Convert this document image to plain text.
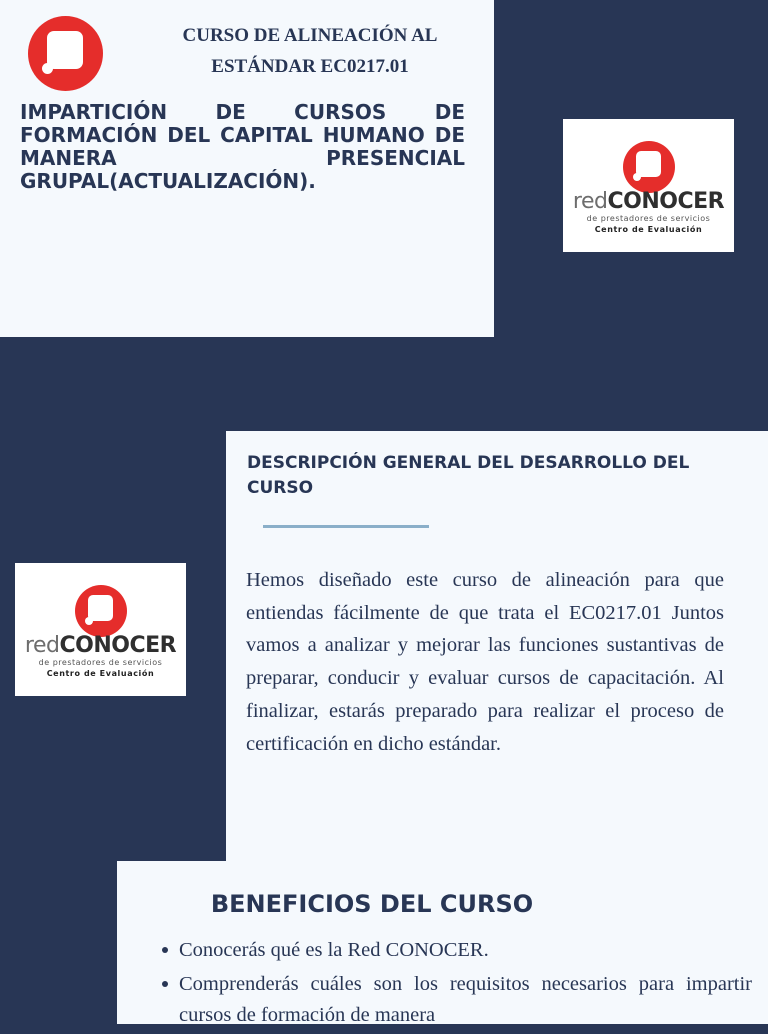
CURSO DE ALINEACIÓN AL
ESTÁNDAR EC0217.01
IMPARTICIÓN DE CURSOS DE FORMACIÓN DEL CAPITAL HUMANO DE MANERA PRESENCIAL GRUPAL(ACTUALIZACIÓN).
redCONOCER
de prestadores de servicios
Centro de Evaluación
DESCRIPCIÓN GENERAL DEL DESARROLLO DEL CURSO

Hemos diseñado este curso de alineación para que entiendas fácilmente de que trata el EC0217.01 Juntos vamos a analizar y mejorar las funciones sustantivas de preparar, conducir y evaluar cursos de capacitación. Al finalizar, estarás preparado para realizar el proceso de certificación en dicho estándar.

redCONOCER
de prestadores de servicios
Centro de Evaluación
BENEFICIOS DEL CURSO
Conocerás qué es la Red CONOCER.
Comprenderás cuáles son los requisitos necesarios para impartir cursos de formación de manera
